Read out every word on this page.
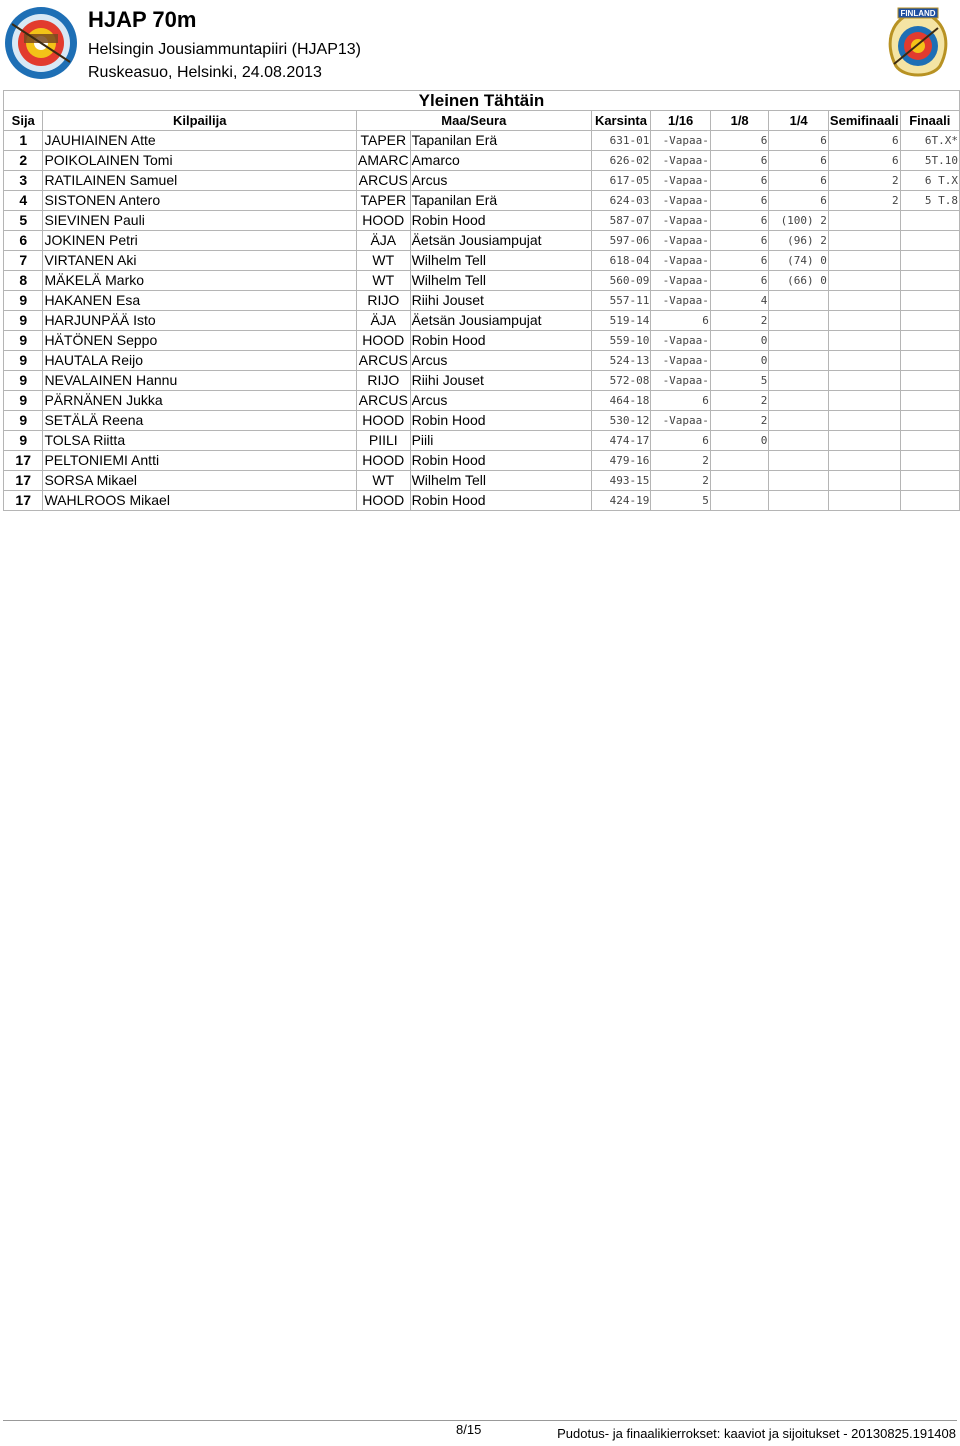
HJAP 70m
Helsingin Jousiammuntapiiri (HJAP13)
Ruskeasuo, Helsinki, 24.08.2013
FINLAND
Yleinen Tähtäin									
Sija	Kilpailija	Maa/Seura		Karsinta	1/16	1/8	1/4	Semifinaali	Finaali
1	JAUHIAINEN Atte	TAPER	Tapanilan Erä	631-01	-Vapaa-	6	6	6	6T.X*
2	POIKOLAINEN Tomi	AMARC	Amarco	626-02	-Vapaa-	6	6	6	5T.10
3	RATILAINEN Samuel	ARCUS	Arcus	617-05	-Vapaa-	6	6	2	6 T.X
4	SISTONEN Antero	TAPER	Tapanilan Erä	624-03	-Vapaa-	6	6	2	5 T.8
5	SIEVINEN Pauli	HOOD	Robin Hood	587-07	-Vapaa-	6	(100) 2		
6	JOKINEN Petri	ÄJA	Äetsän Jousiampujat	597-06	-Vapaa-	6	(96) 2		
7	VIRTANEN Aki	WT	Wilhelm Tell	618-04	-Vapaa-	6	(74) 0		
8	MÄKELÄ Marko	WT	Wilhelm Tell	560-09	-Vapaa-	6	(66) 0		
9	HAKANEN Esa	RIJO	Riihi Jouset	557-11	-Vapaa-	4			
9	HARJUNPÄÄ Isto	ÄJA	Äetsän Jousiampujat	519-14	6	2			
9	HÄTÖNEN Seppo	HOOD	Robin Hood	559-10	-Vapaa-	0			
9	HAUTALA Reijo	ARCUS	Arcus	524-13	-Vapaa-	0			
9	NEVALAINEN Hannu	RIJO	Riihi Jouset	572-08	-Vapaa-	5			
9	PÄRNÄNEN Jukka	ARCUS	Arcus	464-18	6	2			
9	SETÄLÄ Reena	HOOD	Robin Hood	530-12	-Vapaa-	2			
9	TOLSA Riitta	PIILI	Piili	474-17	6	0			
17	PELTONIEMI Antti	HOOD	Robin Hood	479-16	2				
17	SORSA Mikael	WT	Wilhelm Tell	493-15	2				
17	WAHLROOS Mikael	HOOD	Robin Hood	424-19	5				
8/15	Pudotus- ja finaalikierrokset: kaaviot ja sijoitukset - 20130825.191408
